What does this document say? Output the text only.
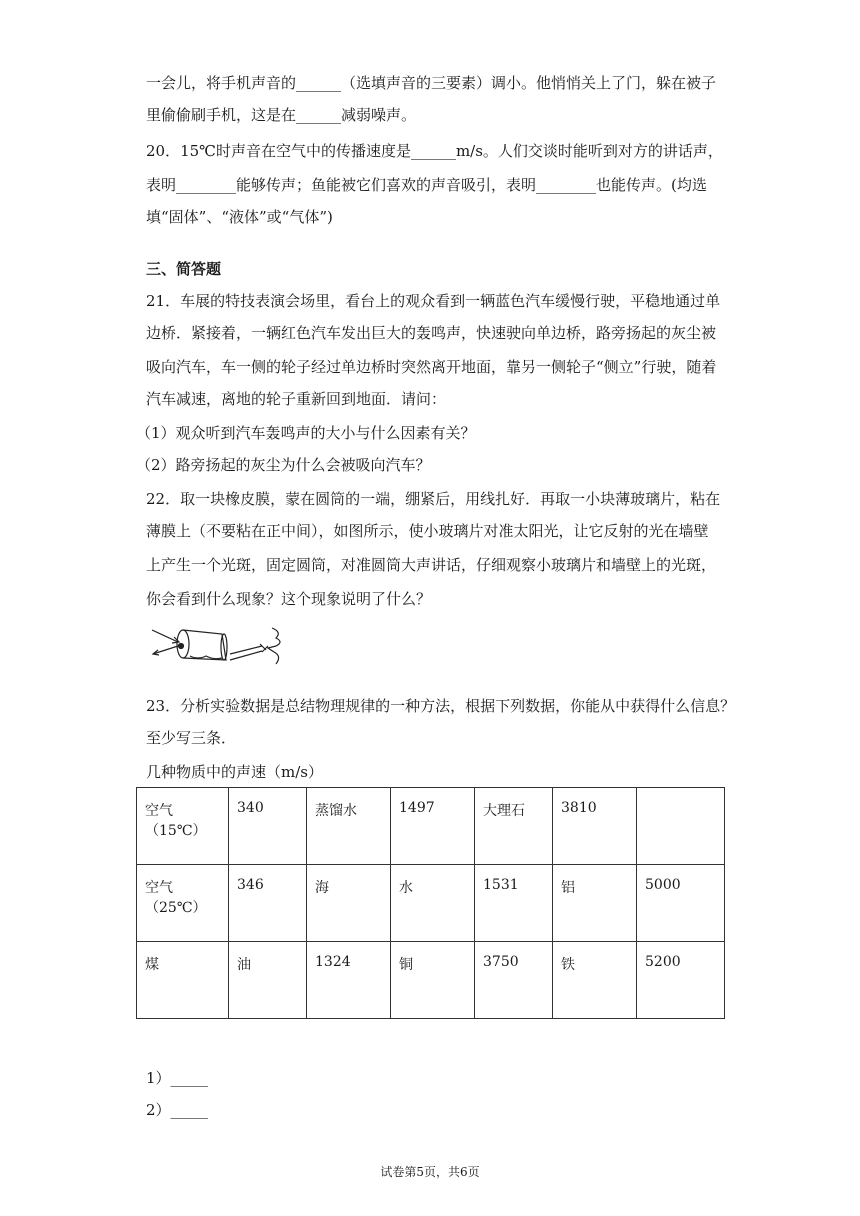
一会儿，将手机声音的______（选填声音的三要素）调小。他悄悄关上了门，躲在被子
里偷偷刷手机，这是在______减弱噪声。
20．15℃时声音在空气中的传播速度是______m/s。人们交谈时能听到对方的讲话声，
表明________能够传声；鱼能被它们喜欢的声音吸引，表明________也能传声。(均选
填“固体”、“液体”或“气体”)
三、简答题
21．车展的特技表演会场里，看台上的观众看到一辆蓝色汽车缓慢行驶，平稳地通过单
边桥．紧接着，一辆红色汽车发出巨大的轰鸣声，快速驶向单边桥，路旁扬起的灰尘被
吸向汽车，车一侧的轮子经过单边桥时突然离开地面，靠另一侧轮子“侧立”行驶，随着
汽车减速，离地的轮子重新回到地面．请问：
（1）观众听到汽车轰鸣声的大小与什么因素有关？
（2）路旁扬起的灰尘为什么会被吸向汽车？
22．取一块橡皮膜，蒙在圆筒的一端，绷紧后，用线扎好．再取一小块薄玻璃片，粘在
薄膜上（不要粘在正中间），如图所示，使小玻璃片对准太阳光，让它反射的光在墙壁
上产生一个光斑，固定圆筒，对准圆筒大声讲话，仔细观察小玻璃片和墙壁上的光斑，
你会看到什么现象？这个现象说明了什么？
23．分析实验数据是总结物理规律的一种方法，根据下列数据，你能从中获得什么信息？
至少写三条．
几种物质中的声速（m/s）
空气（15℃）	340	蒸馏水	1497	大理石	3810	
空气（25℃）	346	海	水	1531	铝	5000
煤	油	1324	铜	3750	铁	5200
1）_____
2）_____
试卷第5页，共6页
